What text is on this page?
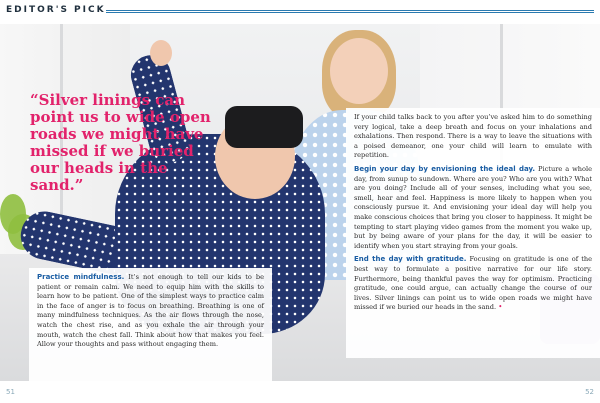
EDITOR'S PICK

“Silver linings can point us to wide open roads we might have missed if we buried our heads in the sand.”

Practice mindfulness. It’s not enough to tell our kids to be patient or remain calm. We need to equip him with the skills to learn how to be patient. One of the simplest ways to practice calm in the face of anger is to focus on breathing. Breathing is one of many mindfulness techniques. As the air flows through the nose, watch the chest rise, and as you exhale the air through your mouth, watch the chest fall. Think about how that makes you feel. Allow your thoughts and pass without engaging them.

If your child talks back to you after you’ve asked him to do something very logical, take a deep breath and focus on your inhalations and exhalations. Then respond. There is a way to leave the situations with a poised demeanor, one your child will learn to emulate with repetition.

Begin your day by envisioning the ideal day. Picture a whole day, from sunup to sundown. Where are you? Who are you with? What are you doing? Include all of your senses, including what you see, smell, hear and feel. Happiness is more likely to happen when you consciously pursue it. And envisioning your ideal day will help you make conscious choices that bring you closer to happiness. It might be tempting to start playing video games from the moment you wake up, but by being aware of your plans for the day, it will be easier to identify when you start straying from your goals.

End the day with gratitude. Focusing on gratitude is one of the best way to formulate a positive narrative for our life story. Furthermore, being thankful paves the way for optimism. Practicing gratitude, one could argue, can actually change the course of our lives. Silver linings can point us to wide open roads we might have missed if we buried our heads in the sand. •

51	52
